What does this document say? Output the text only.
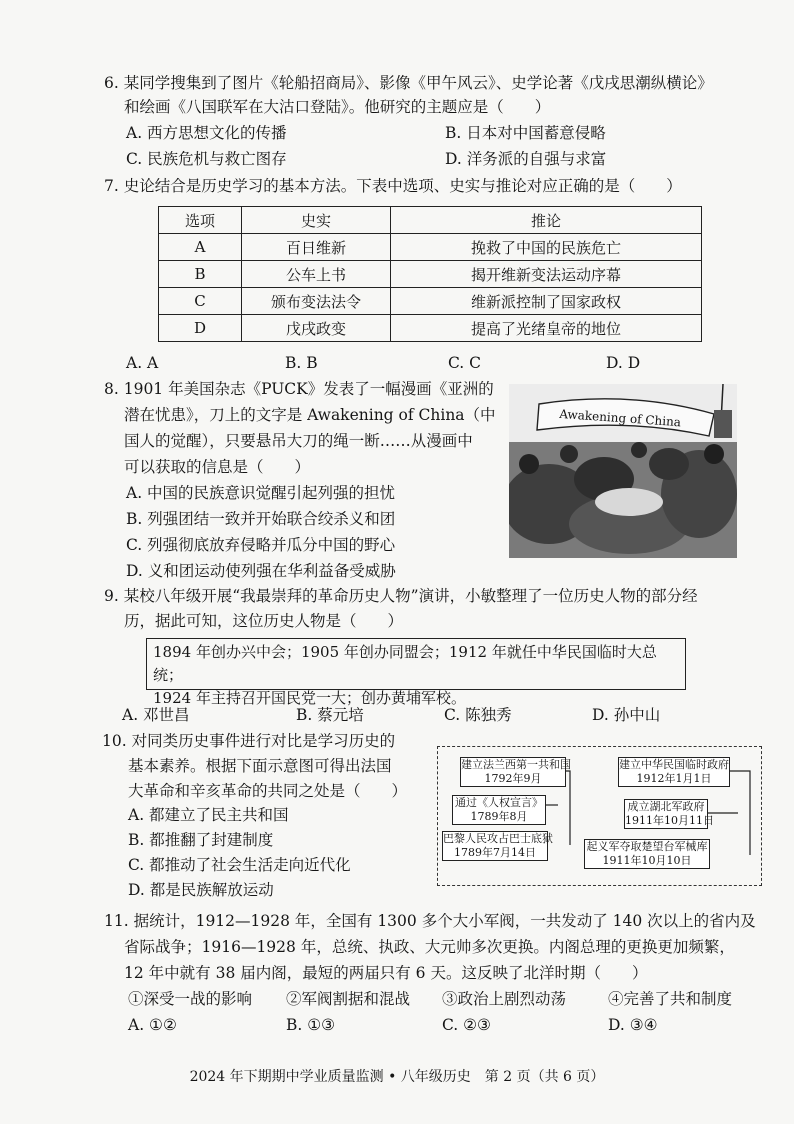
6. 某同学搜集到了图片《轮船招商局》、影像《甲午风云》、史学论著《戊戌思潮纵横论》
和绘画《八国联军在大沽口登陆》。他研究的主题应是（　　）
A. 西方思想文化的传播	B. 日本对中国蓄意侵略
C. 民族危机与救亡图存	D. 洋务派的自强与求富
7. 史论结合是历史学习的基本方法。下表中选项、史实与推论对应正确的是（　　）
选项	史实	推论
A	百日维新	挽救了中国的民族危亡
B	公车上书	揭开维新变法运动序幕
C	颁布变法法令	维新派控制了国家政权
D	戊戌政变	提高了光绪皇帝的地位
A. A	B. B	C. C	D. D
8. 1901 年美国杂志《PUCK》发表了一幅漫画《亚洲的
潜在忧患》，刀上的文字是 Awakening of China（中
国人的觉醒），只要悬吊大刀的绳一断……从漫画中
可以获取的信息是（　　）
A. 中国的民族意识觉醒引起列强的担忧
B. 列强团结一致并开始联合绞杀义和团
C. 列强彻底放弃侵略并瓜分中国的野心
D. 义和团运动使列强在华利益备受威胁
Awakening of China
9. 某校八年级开展“我最崇拜的革命历史人物”演讲，小敏整理了一位历史人物的部分经
历，据此可知，这位历史人物是（　　）
1894 年创办兴中会；1905 年创办同盟会；1912 年就任中华民国临时大总统；
1924 年主持召开国民党一大；创办黄埔军校。
A. 邓世昌	B. 蔡元培	C. 陈独秀	D. 孙中山
10. 对同类历史事件进行对比是学习历史的
基本素养。根据下面示意图可得出法国
大革命和辛亥革命的共同之处是（　　）
A. 都建立了民主共和国
B. 都推翻了封建制度
C. 都推动了社会生活走向近代化
D. 都是民族解放运动
建立法兰西第一共和国
1792年9月
通过《人权宣言》
1789年8月
巴黎人民攻占巴士底狱
1789年7月14日
建立中华民国临时政府
1912年1月1日
成立湖北军政府
1911年10月11日
起义军夺取楚望台军械库
1911年10月10日
11. 据统计，1912—1928 年，全国有 1300 多个大小军阀，一共发动了 140 次以上的省内及
省际战争；1916—1928 年，总统、执政、大元帅多次更换。内阁总理的更换更加频繁，
12 年中就有 38 届内阁，最短的两届只有 6 天。这反映了北洋时期（　　）
①深受一战的影响 ②军阀割据和混战 ③政治上剧烈动荡	④完善了共和制度
A. ①②	B. ①③	C. ②③	D. ③④
2024 年下期期中学业质量监测 • 八年级历史　第 2 页（共 6 页）
